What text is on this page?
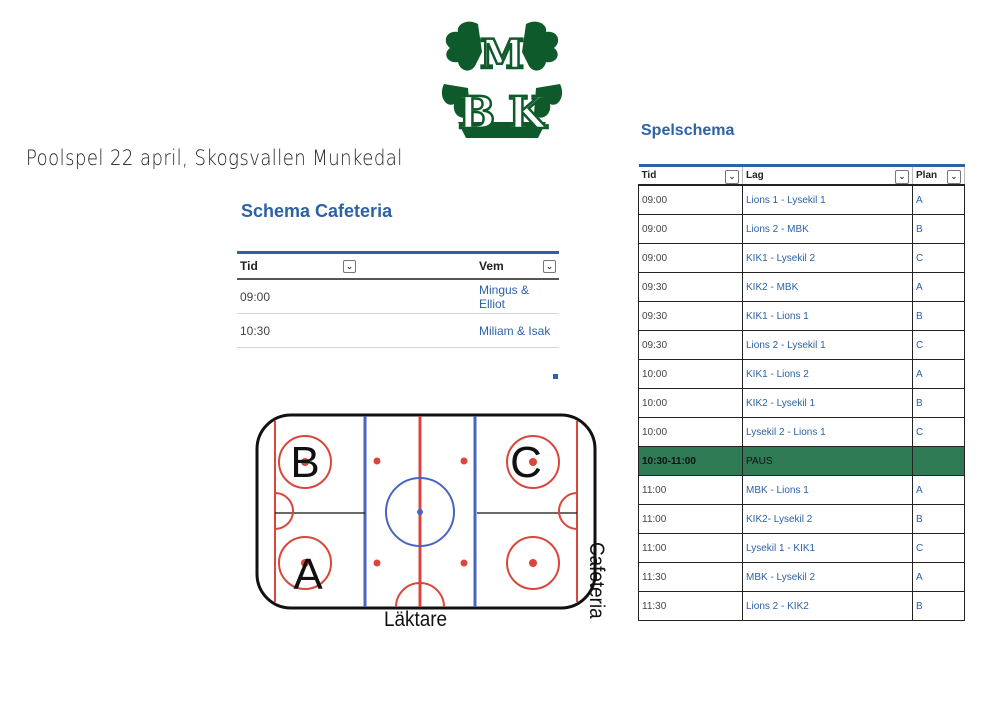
M
B K
Poolspel 22 april, Skogsvallen Munkedal
Schema Cafeteria
Tid ⌄	Vem ⌄

09:00	Mingus & Elliot
10:30	Miliam & Isak
B	C
A
Läktare
Cafeteria
Spelschema
Tid ⌄	Lag ⌄	Plan ⌄

09:00	Lions 1 - Lysekil 1	A
09:00	Lions 2 - MBK	B
09:00	KIK1 - Lysekil 2	C
09:30	KIK2 - MBK	A
09:30	KIK1 - Lions 1	B
09:30	Lions 2 - Lysekil 1	C
10:00	KIK1 - Lions 2	A
10:00	KIK2 - Lysekil 1	B
10:00	Lysekil 2 - Lions 1	C
10:30-11:00	PAUS	
11:00	MBK - Lions 1	A
11:00	KIK2- Lysekil 2	B
11:00	Lysekil 1 - KIK1	C
11:30	MBK - Lysekil 2	A
11:30	Lions 2 - KIK2	B
